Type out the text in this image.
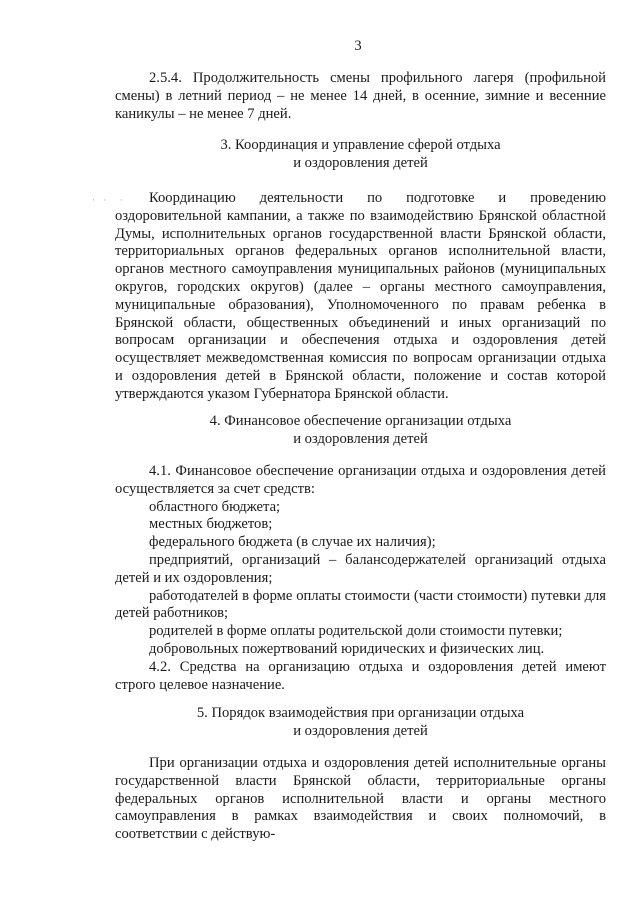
3

2.5.4. Продолжительность смены профильного лагеря (профильной смены) в летний период – не менее 14 дней, в осенние, зимние и весенние каникулы – не менее 7 дней.

3. Координация и управление сферой отдыха
и оздоровления детей
· ·  ·	Координацию деятельности по подготовке и проведению оздоровительной кампании, а также по взаимодействию Брянской областной Думы, исполнительных органов государственной власти Брянской области, территориальных органов федеральных органов исполнительной власти, органов местного самоуправления муниципальных районов (муниципальных округов, городских округов) (далее – органы местного самоуправления, муниципальные образования), Уполномоченного по правам ребенка в Брянской области, общественных объединений и иных организаций по вопросам организации и обеспечения отдыха и оздоровления детей осуществляет межведомственная комиссия по вопросам организации отдыха и оздоровления детей в Брянской области, положение и состав которой утверждаются указом Губернатора Брянской области.

4. Финансовое обеспечение организации отдыха
и оздоровления детей

4.1. Финансовое обеспечение организации отдыха и оздоровления детей осуществляется за счет средств:

областного бюджета;

местных бюджетов;

федерального бюджета (в случае их наличия);

предприятий, организаций – балансодержателей организаций отдыха детей и их оздоровления;

работодателей в форме оплаты стоимости (части стоимости) путевки для детей работников;

родителей в форме оплаты родительской доли стоимости путевки;

добровольных пожертвований юридических и физических лиц.

4.2. Средства на организацию отдыха и оздоровления детей имеют строго целевое назначение.

5. Порядок взаимодействия при организации отдыха
и оздоровления детей

При организации отдыха и оздоровления детей исполнительные органы государственной власти Брянской области, территориальные органы федеральных органов исполнительной власти и органы местного самоуправления в рамках взаимодействия и своих полномочий, в соответствии с действую-
